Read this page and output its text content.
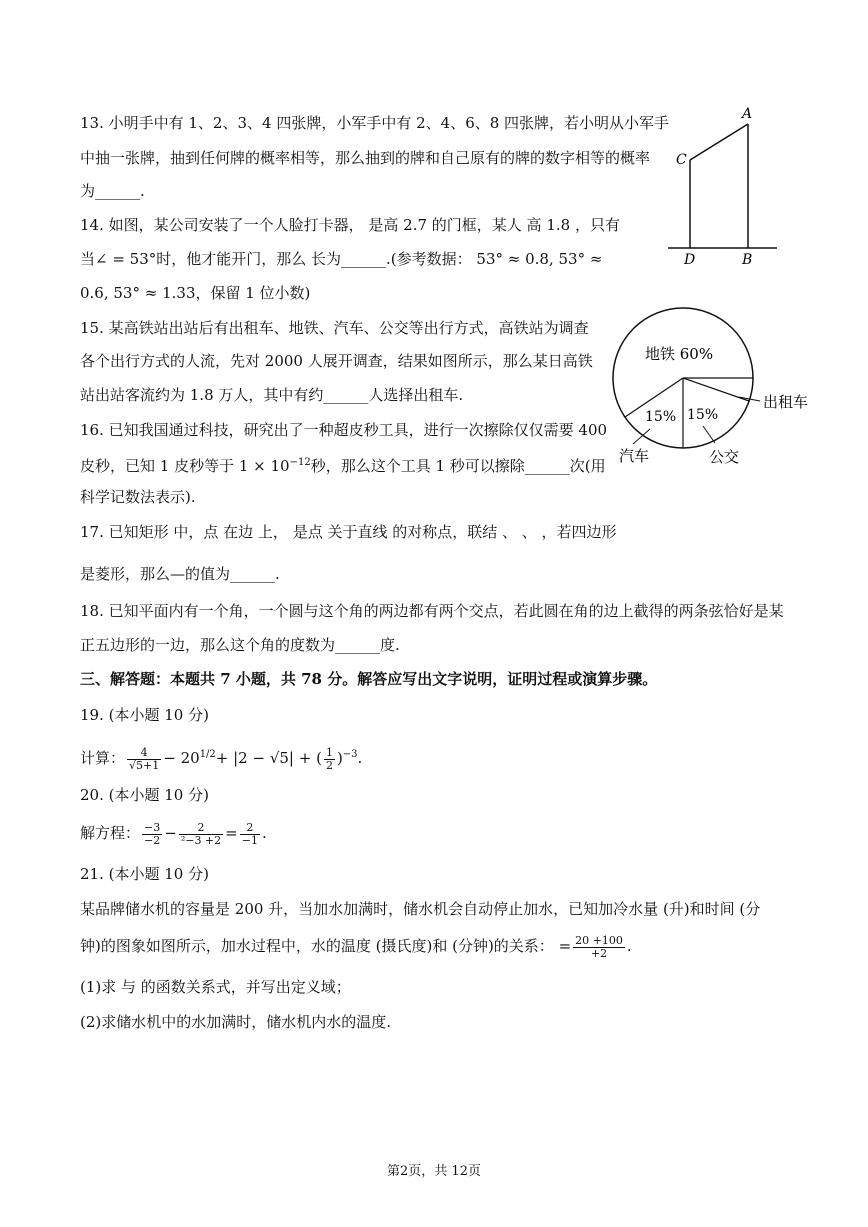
13. 小明手中有 1、2、3、4 四张牌，小军手中有 2、4、6、8 四张牌，若小明从小军手
中抽一张牌，抽到任何牌的概率相等，那么抽到的牌和自己原有的牌的数字相等的概率
为______.
14. 如图，某公司安装了一个人脸打卡器， 是高 2.7 的门框，某人 高 1.8 ，只有
当∠ = 53°时，他才能开门，那么 长为______.(参考数据： 53° ≈ 0.8, 53° ≈
0.6, 53° ≈ 1.33，保留 1 位小数)
A
C
D	B
15. 某高铁站出站后有出租车、地铁、汽车、公交等出行方式，高铁站为调查
各个出行方式的人流，先对 2000 人展开调查，结果如图所示，那么某日高铁
站出站客流约为 1.8 万人，其中有约______人选择出租车.
地铁 60%
15% 15%
出租车
汽车	公交
16. 已知我国通过科技，研究出了一种超皮秒工具，进行一次擦除仅仅需要 400
皮秒，已知 1 皮秒等于 $1 \times 10^{-12}$秒，那么这个工具 1 秒可以擦除______次(用
科学记数法表示).
17. 已知矩形 中，点 在边 上， 是点 关于直线 的对称点，联结 、 、 ，若四边形
是菱形，那么—的值为______.
18. 已知平面内有一个角，一个圆与这个角的两边都有两个交点，若此圆在角的边上截得的两条弦恰好是某
正五边形的一边，那么这个角的度数为______度.
三、解答题：本题共 7 小题，共 78 分。解答应写出文字说明，证明过程或演算步骤。
19. (本小题 10 分)
计算： $\frac{4}{√5+1} - 20^{1/2}+ |2 - √5|$ + ( $\frac{1}{2} )^{-3}$.
20. (本小题 10 分)
解方程： $\frac{-3}{-2} - \frac{2}{\text{²−3 +2}} = \frac{2}{-1}$ .
21. (本小题 10 分)
某品牌储水机的容量是 200 升，当加水加满时，储水机会自动停止加水，已知加冷水量 (升)和时间 (分
钟)的图象如图所示，加水过程中，水的温度 (摄氏度)和 (分钟)的关系： = $\frac{20 +100}{+2}$ .
(1)求 与 的函数关系式，并写出定义域；
(2)求储水机中的水加满时，储水机内水的温度.
第2页，共 12页
